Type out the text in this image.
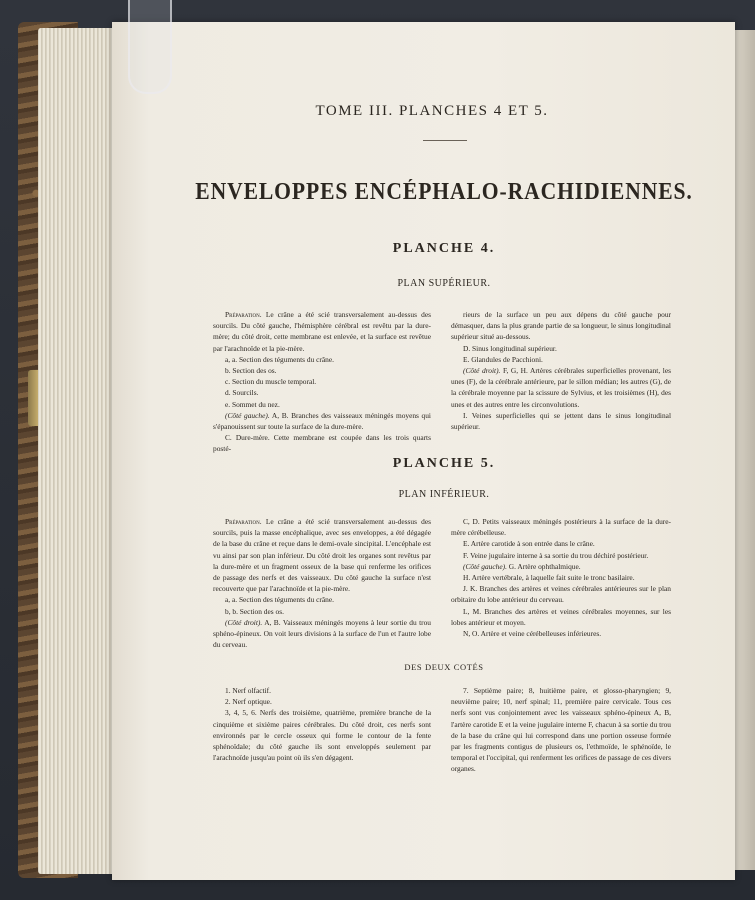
TOME III. PLANCHES 4 ET 5.
ENVELOPPES ENCÉPHALO-RACHIDIENNES.
PLANCHE 4.
PLAN SUPÉRIEUR.

Préparation. Le crâne a été scié transversalement au-dessus des sourcils. Du côté gauche, l'hémisphère cérébral est revêtu par la dure-mère; du côté droit, cette membrane est enlevée, et la surface est revêtue par l'arachnoïde et la pie-mère.

a, a. Section des téguments du crâne.

b. Section des os.

c. Section du muscle temporal.

d. Sourcils.

e. Sommet du nez.

(Côté gauche). A, B. Branches des vaisseaux méningés moyens qui s'épanouissent sur toute la surface de la dure-mère.

C. Dure-mère. Cette membrane est coupée dans les trois quarts posté-

rieurs de la surface un peu aux dépens du côté gauche pour démasquer, dans la plus grande partie de sa longueur, le sinus longitudinal supérieur situé au-dessous.

D. Sinus longitudinal supérieur.

E. Glandules de Pacchioni.

(Côté droit). F, G, H. Artères cérébrales superficielles provenant, les unes (F), de la cérébrale antérieure, par le sillon médian; les autres (G), de la cérébrale moyenne par la scissure de Sylvius, et les troisièmes (H), des unes et des autres entre les circonvolutions.

I. Veines superficielles qui se jettent dans le sinus longitudinal supérieur.

PLANCHE 5.
PLAN INFÉRIEUR.

Préparation. Le crâne a été scié transversalement au-dessus des sourcils, puis la masse encéphalique, avec ses enveloppes, a été dégagée de la base du crâne et reçue dans le demi-ovale sincipital. L'encéphale est vu ainsi par son plan inférieur. Du côté droit les organes sont revêtus par la dure-mère et un fragment osseux de la base qui renferme les orifices de passage des nerfs et des vaisseaux. Du côté gauche la surface n'est recouverte que par l'arachnoïde et la pie-mère.

a, a. Section des téguments du crâne.

b, b. Section des os.

(Côté droit). A, B. Vaisseaux méningés moyens à leur sortie du trou sphéno-épineux. On voit leurs divisions à la surface de l'un et l'autre lobe du cerveau.

C, D. Petits vaisseaux méningés postérieurs à la surface de la dure-mère cérébelleuse.

E. Artère carotide à son entrée dans le crâne.

F. Veine jugulaire interne à sa sortie du trou déchiré postérieur.

(Côté gauche). G. Artère ophthalmique.

H. Artère vertébrale, à laquelle fait suite le tronc basilaire.

J. K. Branches des artères et veines cérébrales antérieures sur le plan orbitaire du lobe antérieur du cerveau.

L, M. Branches des artères et veines cérébrales moyennes, sur les lobes antérieur et moyen.

N, O. Artère et veine cérébelleuses inférieures.

DES DEUX COTÉS

1. Nerf olfactif.

2. Nerf optique.

3, 4, 5, 6. Nerfs des troisième, quatrième, première branche de la cinquième et sixième paires cérébrales. Du côté droit, ces nerfs sont environnés par le cercle osseux qui forme le contour de la fente sphénoïdale; du côté gauche ils sont enveloppés seulement par l'arachnoïde jusqu'au point où ils s'en dégagent.

7. Septième paire; 8, huitième paire, et glosso-pharyngien; 9, neuvième paire; 10, nerf spinal; 11, première paire cervicale. Tous ces nerfs sont vus conjointement avec les vaisseaux sphéno-épineux A, B, l'artère carotide E et la veine jugulaire interne F, chacun à sa sortie du trou de la base du crâne qui lui correspond dans une portion osseuse formée par les fragments contigus de plusieurs os, l'ethmoïde, le sphénoïde, le temporal et l'occipital, qui renferment les orifices de passage de ces divers organes.
